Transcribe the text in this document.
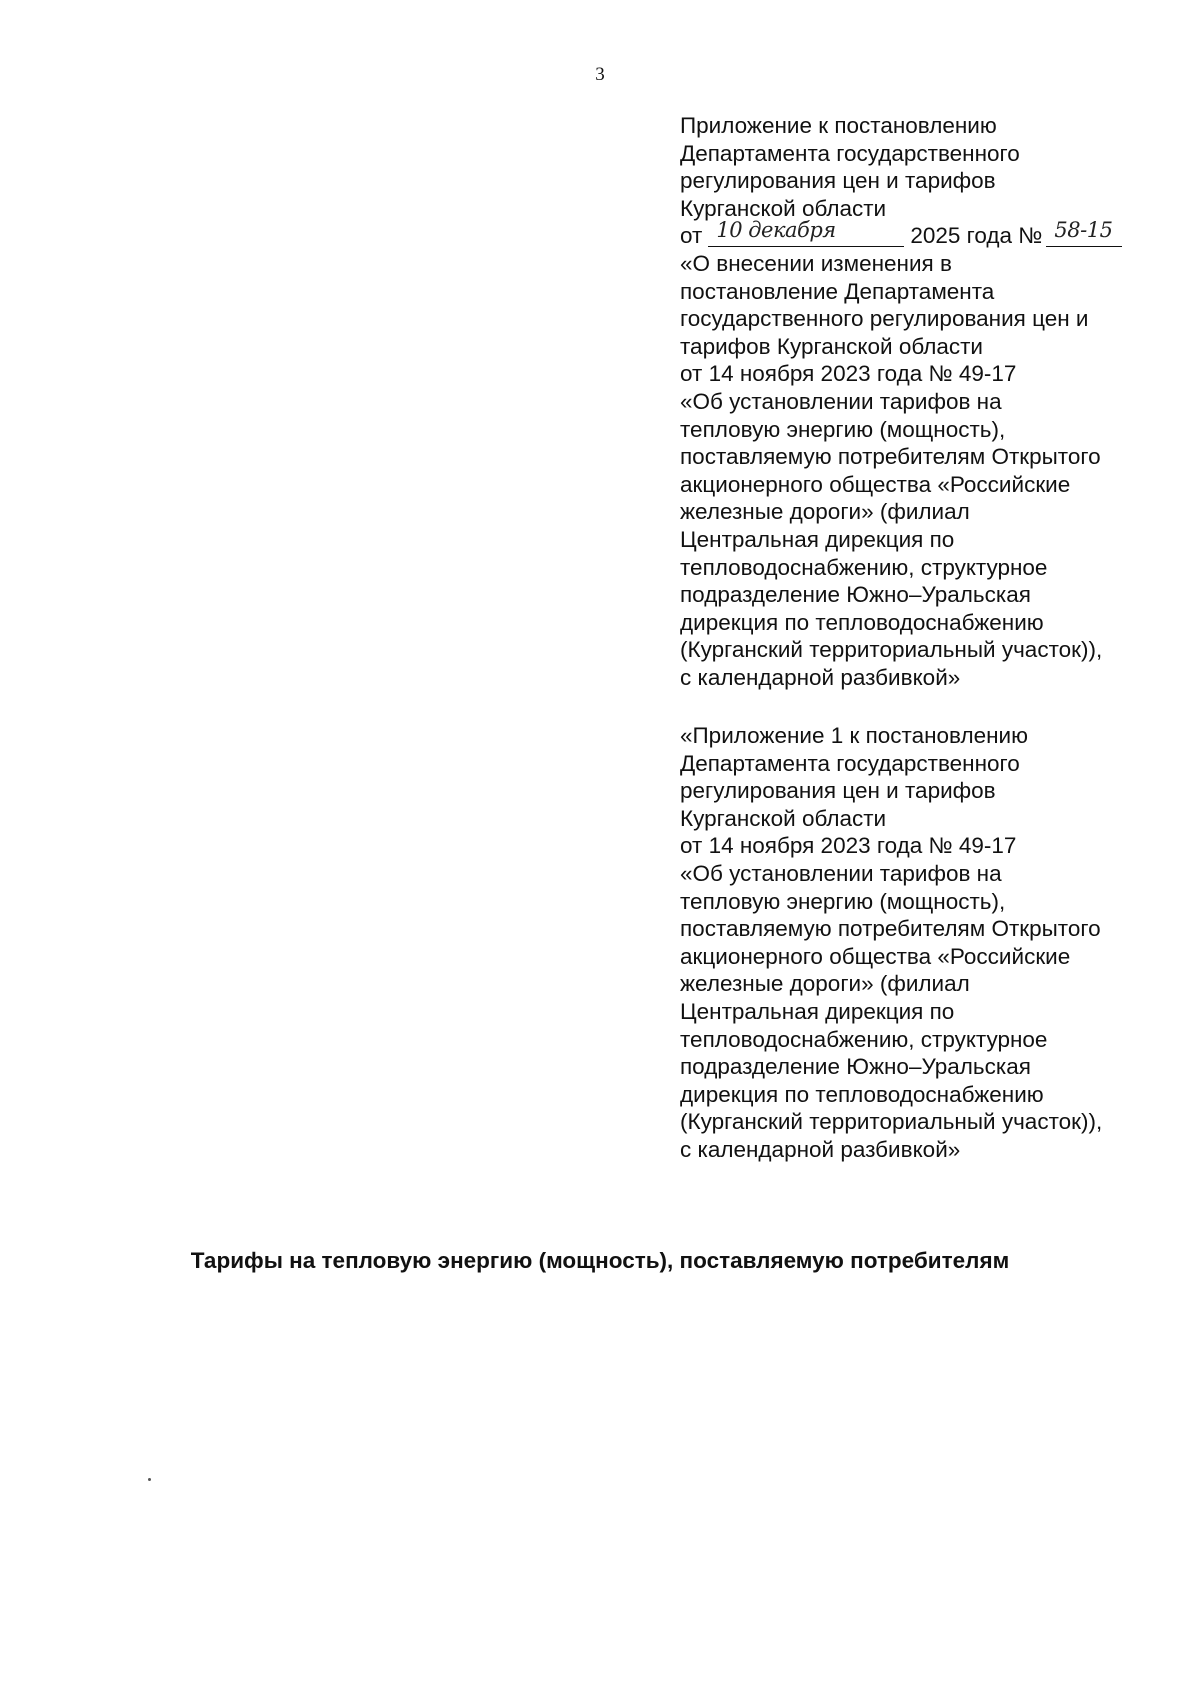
3
Приложение к постановлению
Департамента государственного
регулирования цен и тарифов
Курганской области
от 10 декабря	2025 года № 58-15
«О внесении изменения в
постановление Департамента
государственного регулирования цен и
тарифов Курганской области
от 14 ноября 2023 года № 49-17
«Об установлении тарифов на
тепловую энергию (мощность),
поставляемую потребителям Открытого
акционерного общества «Российские
железные дороги» (филиал
Центральная дирекция по
тепловодоснабжению, структурное
подразделение Южно–Уральская
дирекция по тепловодоснабжению
(Курганский территориальный участок)),
с календарной разбивкой»
«Приложение 1 к постановлению
Департамента государственного
регулирования цен и тарифов
Курганской области
от 14 ноября 2023 года № 49-17
«Об установлении тарифов на
тепловую энергию (мощность),
поставляемую потребителям Открытого
акционерного общества «Российские
железные дороги» (филиал
Центральная дирекция по
тепловодоснабжению, структурное
подразделение Южно–Уральская
дирекция по тепловодоснабжению
(Курганский территориальный участок)),
с календарной разбивкой»
Тарифы на тепловую энергию (мощность), поставляемую потребителям
